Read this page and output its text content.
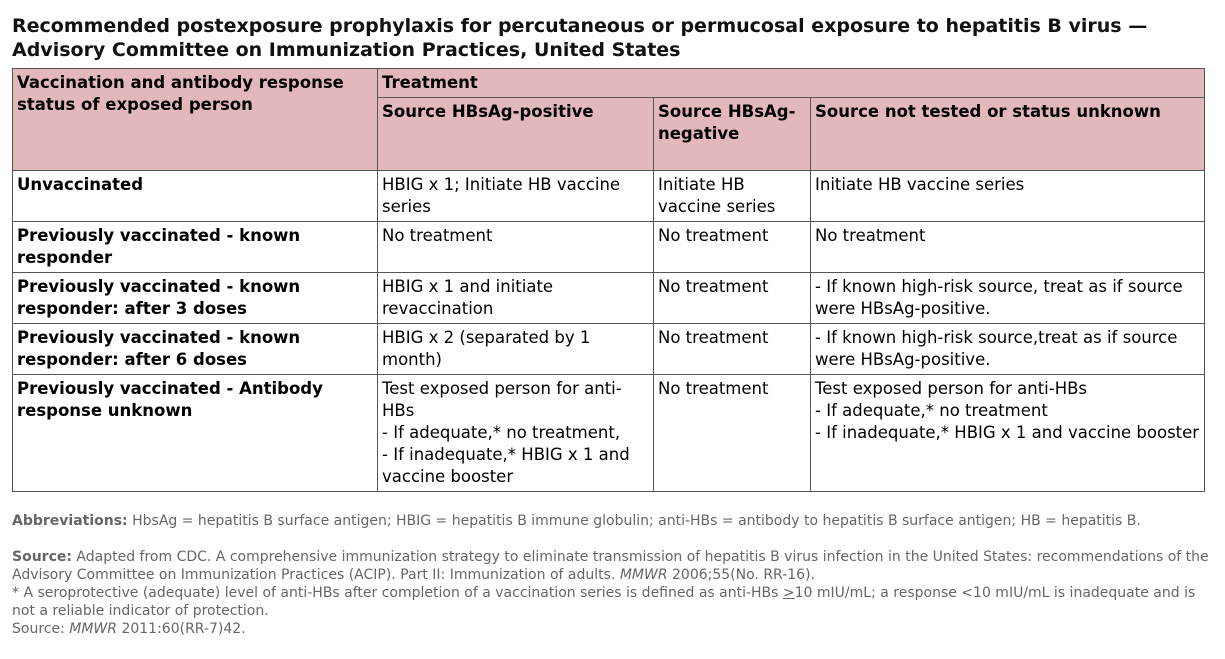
Recommended postexposure prophylaxis for percutaneous or permucosal exposure to hepatitis B virus —
Advisory Committee on Immunization Practices, United States
Vaccination and antibody response status of exposed person	Treatment		
	Source HBsAg-positive	Source HBsAg-negative	Source not tested or status unknown
Unvaccinated	HBIG x 1; Initiate HB vaccine series	Initiate HB vaccine series	Initiate HB vaccine series

Previously vaccinated - known responder	No treatment	No treatment	No treatment

Previously vaccinated - known responder: after 3 doses	HBIG x 1 and initiate revaccination	No treatment	- If known high-risk source, treat as if source were HBsAg-positive.

Previously vaccinated - known responder: after 6 doses	HBIG x 2 (separated by 1 month)	No treatment	- If known high-risk source,treat as if source were HBsAg-positive.

Previously vaccinated - Antibody response unknown	Test exposed person for anti-HBs
- If adequate,* no treatment,
- If inadequate,* HBIG x 1 and vaccine booster	No treatment	Test exposed person for anti-HBs
- If adequate,* no treatment
- If inadequate,* HBIG x 1 and vaccine booster
Abbreviations: HbsAg = hepatitis B surface antigen; HBIG = hepatitis B immune globulin; anti-HBs = antibody to hepatitis B surface antigen; HB = hepatitis B.
Source: Adapted from CDC. A comprehensive immunization strategy to eliminate transmission of hepatitis B virus infection in the United States: recommendations of the Advisory Committee on Immunization Practices (ACIP). Part II: Immunization of adults. MMWR 2006;55(No. RR-16).
* A seroprotective (adequate) level of anti-HBs after completion of a vaccination series is defined as anti-HBs ≥10 mIU/mL; a response <10 mIU/mL is inadequate and is not a reliable indicator of protection.
Source: MMWR 2011:60(RR-7)42.
